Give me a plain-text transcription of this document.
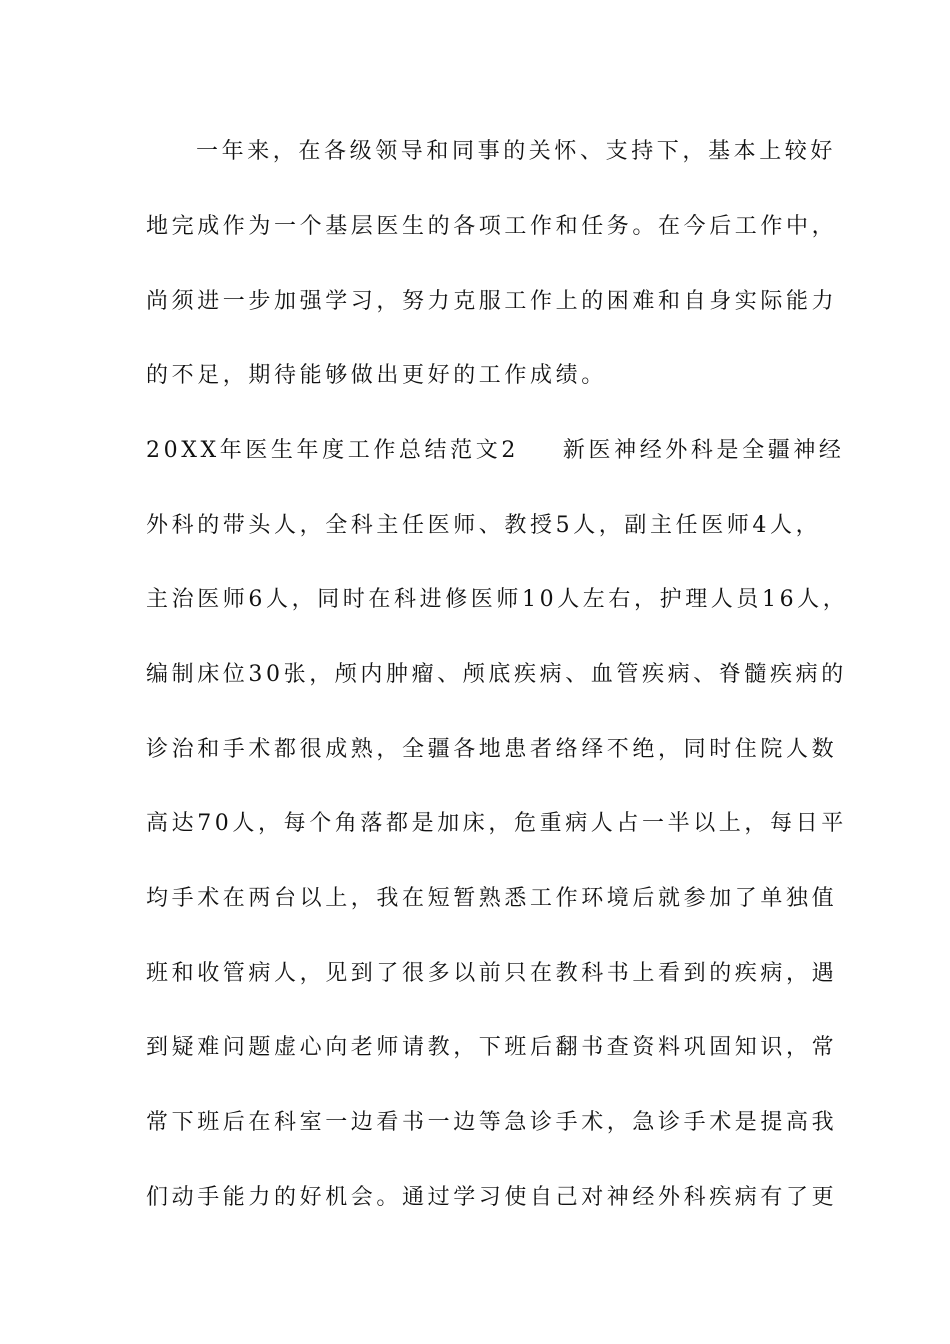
一年来，在各级领导和同事的关怀、支持下，基本上较好
地完成作为一个基层医生的各项工作和任务。在今后工作中，
尚须进一步加强学习，努力克服工作上的困难和自身实际能力
的不足，期待能够做出更好的工作成绩。
20XX年医生年度工作总结范文2 新医神经外科是全疆神经
外科的带头人，全科主任医师、教授5人，副主任医师4人，
主治医师6人，同时在科进修医师10人左右，护理人员16人，
编制床位30张，颅内肿瘤、颅底疾病、血管疾病、脊髓疾病的
诊治和手术都很成熟，全疆各地患者络绎不绝，同时住院人数
高达70人，每个角落都是加床，危重病人占一半以上，每日平
均手术在两台以上，我在短暂熟悉工作环境后就参加了单独值
班和收管病人，见到了很多以前只在教科书上看到的疾病，遇
到疑难问题虚心向老师请教，下班后翻书查资料巩固知识，常
常下班后在科室一边看书一边等急诊手术，急诊手术是提高我
们动手能力的好机会。通过学习使自己对神经外科疾病有了更
